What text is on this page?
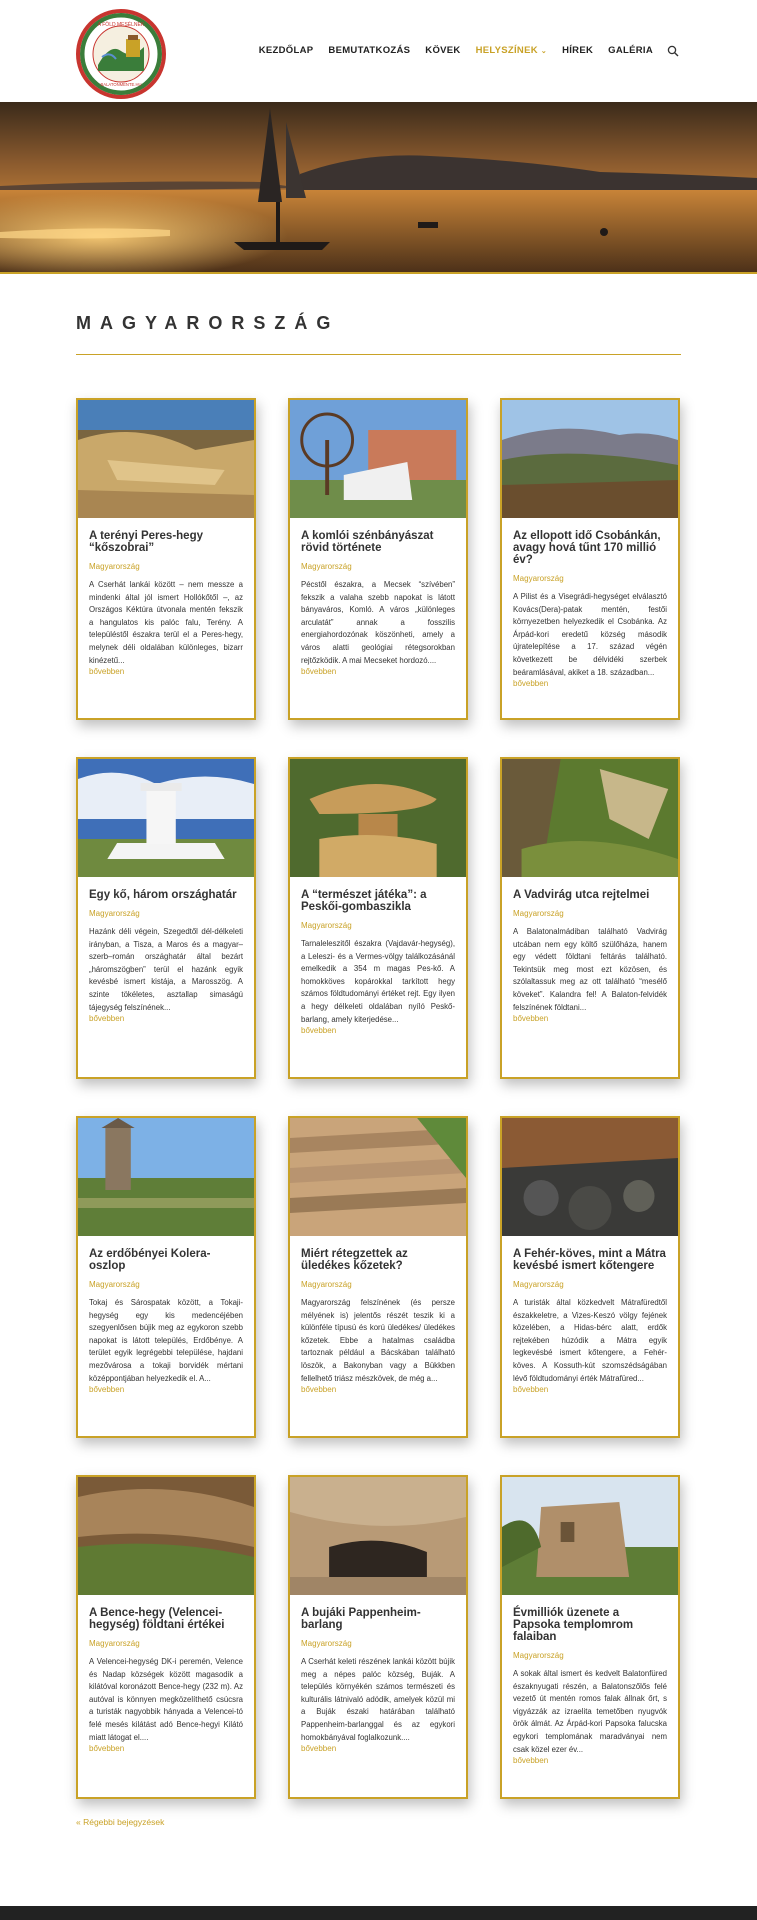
A FÖLD MESÉLNEK
BALATONMENTE.HU
KEZDŐLAP BEMUTATKOZÁS KÖVEK HELYSZÍNEK ⌄ HÍREK GALÉRIA
MAGYARORSZÁG
A terényi Peres-hegy “kőszobrai”
Magyarország

A Cserhát lankái között – nem messze a mindenki által jól ismert Hollókőtől –, az Országos Kéktúra útvonala mentén fekszik a hangulatos kis palóc falu, Terény. A településtől északra terül el a Peres-hegy, melynek déli oldalában különleges, bizarr kinézetű...

bővebben
A komlói szénbányászat rövid története
Magyarország

Pécstől északra, a Mecsek “szívében” fekszik a valaha szebb napokat is látott bányaváros, Komló. A város „különleges arculatát” annak a fosszilis energiahordozónak köszönheti, amely a város alatti geológiai rétegsorokban rejtőzködik. A mai Mecseket hordozó....

bővebben
Az ellopott idő Csobánkán, avagy hová tűnt 170 millió év?
Magyarország

A Pilist és a Visegrádi-hegységet elválasztó Kovács(Dera)-patak mentén, festői környezetben helyezkedik el Csobánka. Az Árpád-kori eredetű község második újratelepítése a 17. század végén következett be délvidéki szerbek beáramlásával, akiket a 18. században...

bővebben
Egy kő, három országhatár
Magyarország

Hazánk déli végein, Szegedtől dél-délkeleti irányban, a Tisza, a Maros és a magyar–szerb–román országhatár által bezárt „háromszögben” terül el hazánk egyik kevésbé ismert kistája, a Marosszög. A szinte tökéletes, asztallap simaságú tájegység felszínének...

bővebben
A “természet játéka”: a Peskői-gombaszikla
Magyarország

Tarnaleleszitől északra (Vajdavár-hegység), a Leleszi- és a Vermes-völgy találkozásánál emelkedik a 354 m magas Pes-kő. A homokköves kopárokkal tarkított hegy számos földtudományi értéket rejt. Egy ilyen a hegy délkeleti oldalában nyíló Peskő-barlang, amely kiterjedése...

bővebben
A Vadvirág utca rejtelmei
Magyarország

A Balatonalmádiban található Vadvirág utcában nem egy költő szülőháza, hanem egy védett földtani feltárás található. Tekintsük meg most ezt közösen, és szólaltassuk meg az ott található “mesélő köveket”. Kalandra fel! A Balaton-felvidék felszínének földtani...

bővebben
Az erdőbényei Kolera-oszlop
Magyarország

Tokaj és Sárospatak között, a Tokaji-hegység egy kis medencéjében szegyenlősen bújik meg az egykoron szebb napokat is látott település, Erdőbénye. A terület egyik legrégebbi települése, hajdani mezővárosa a tokaji borvidék mértani középpontjában helyezkedik el. A...

bővebben
Miért rétegzettek az üledékes kőzetek?
Magyarország

Magyarország felszínének (és persze mélyének is) jelentős részét teszik ki a különféle típusú és korú üledékes/ üledékes kőzetek. Ebbe a hatalmas családba tartoznak például a Bácskában található löszök, a Bakonyban vagy a Bükkben fellelhető triász mészkövek, de még a...

bővebben
A Fehér-köves, mint a Mátra kevésbé ismert kőtengere
Magyarország

A turisták által közkedvelt Mátrafüredtől északkeletre, a Vizes-Keszó völgy fejének közelében, a Hidas-bérc alatt, erdők rejtekében húzódik a Mátra egyik legkevésbé ismert kőtengere, a Fehér-köves. A Kossuth-kút szomszédságában lévő földtudományi érték Mátrafüred...

bővebben
A Bence-hegy (Velencei-hegység) földtani értékei
Magyarország

A Velencei-hegység DK-i peremén, Velence és Nadap községek között magasodik a kilátóval koronázott Bence-hegy (232 m). Az autóval is könnyen megközelíthető csúcsra a turisták nagyobbik hányada a Velencei-tó felé mesés kilátást adó Bence-hegyi Kilátó miatt látogat el....

bővebben
A bujáki Pappenheim-barlang
Magyarország

A Cserhát keleti részének lankái között bújik meg a népes palóc község, Buják. A település környékén számos természeti és kulturális látnivaló adódik, amelyek közül mi a Buják északi határában található Pappenheim-barlanggal és az egykori homokbányával foglalkozunk....

bővebben
Évmilliók üzenete a Papsoka templomrom falaiban
Magyarország

A sokak által ismert és kedvelt Balatonfüred északnyugati részén, a Balatonszőlős felé vezető út mentén romos falak állnak őrt, s vigyázzák az izraelita temetőben nyugvók örök álmát. Az Árpád-kori Papsoka falucska egykori templomának maradványai nem csak közel ezer év...

bővebben
« Régebbi bejegyzések
